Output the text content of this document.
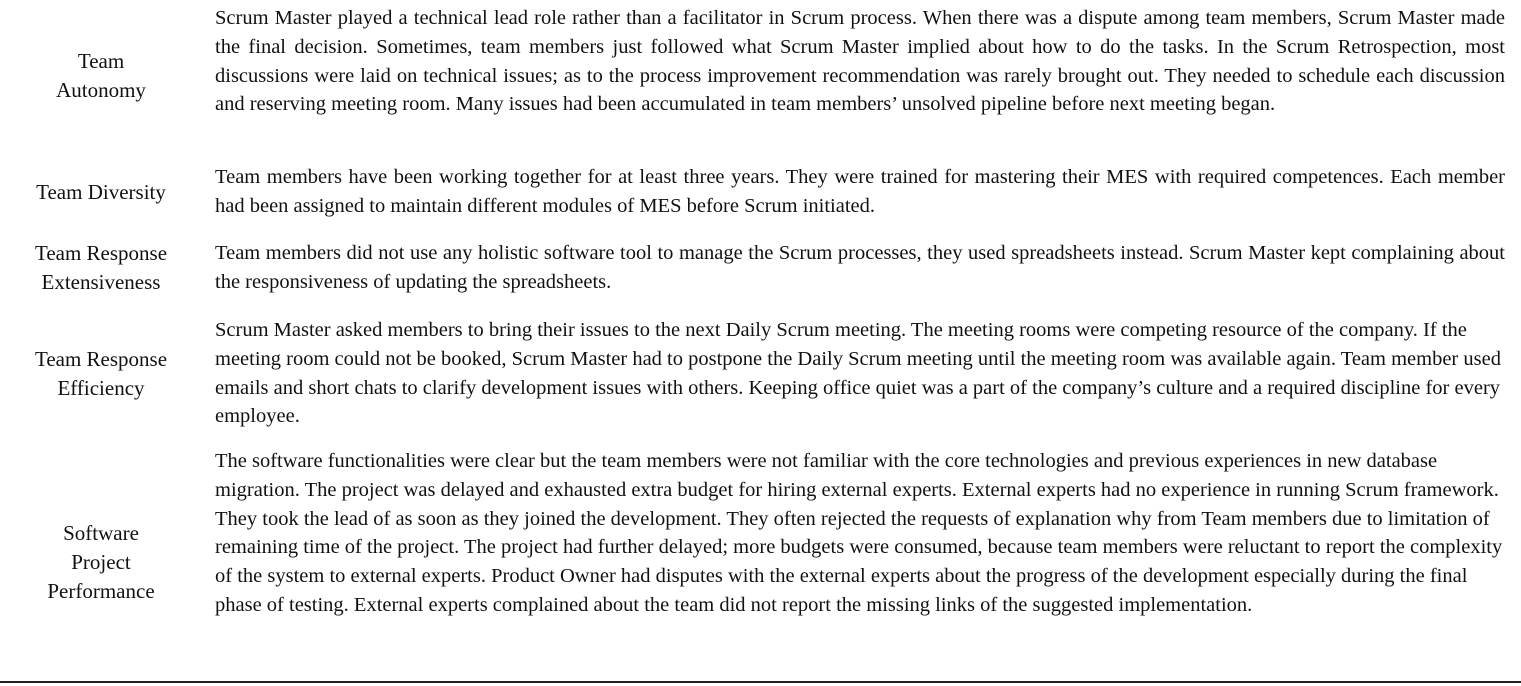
Team
Autonomy
Scrum Master played a technical lead role rather than a facilitator in Scrum process. When there was a dispute among team members, Scrum Master made the final decision. Sometimes, team members just followed what Scrum Master implied about how to do the tasks. In the Scrum Retrospection, most discussions were laid on technical issues; as to the process improvement recommendation was rarely brought out. They needed to schedule each discussion and reserving meeting room. Many issues had been accumulated in team members’ unsolved pipeline before next meeting began.
Team Diversity
Team members have been working together for at least three years. They were trained for mastering their MES with required competences. Each member had been assigned to maintain different modules of MES before Scrum initiated.
Team Response
Extensiveness
Team members did not use any holistic software tool to manage the Scrum processes, they used spreadsheets instead. Scrum Master kept complaining about the responsiveness of updating the spreadsheets.
Team Response
Efficiency
Scrum Master asked members to bring their issues to the next Daily Scrum meeting. The meeting rooms were competing resource of the company. If the meeting room could not be booked, Scrum Master had to postpone the Daily Scrum meeting until the meeting room was available again. Team member used emails and short chats to clarify development issues with others. Keeping office quiet was a part of the company’s culture and a required discipline for every employee.
Software
Project
Performance
The software functionalities were clear but the team members were not familiar with the core technologies and previous experiences in new database migration. The project was delayed and exhausted extra budget for hiring external experts. External experts had no experience in running Scrum framework. They took the lead of as soon as they joined the development. They often rejected the requests of explanation why from Team members due to limitation of remaining time of the project. The project had further delayed; more budgets were consumed, because team members were reluctant to report the complexity of the system to external experts. Product Owner had disputes with the external experts about the progress of the development especially during the final phase of testing. External experts complained about the team did not report the missing links of the suggested implementation.
